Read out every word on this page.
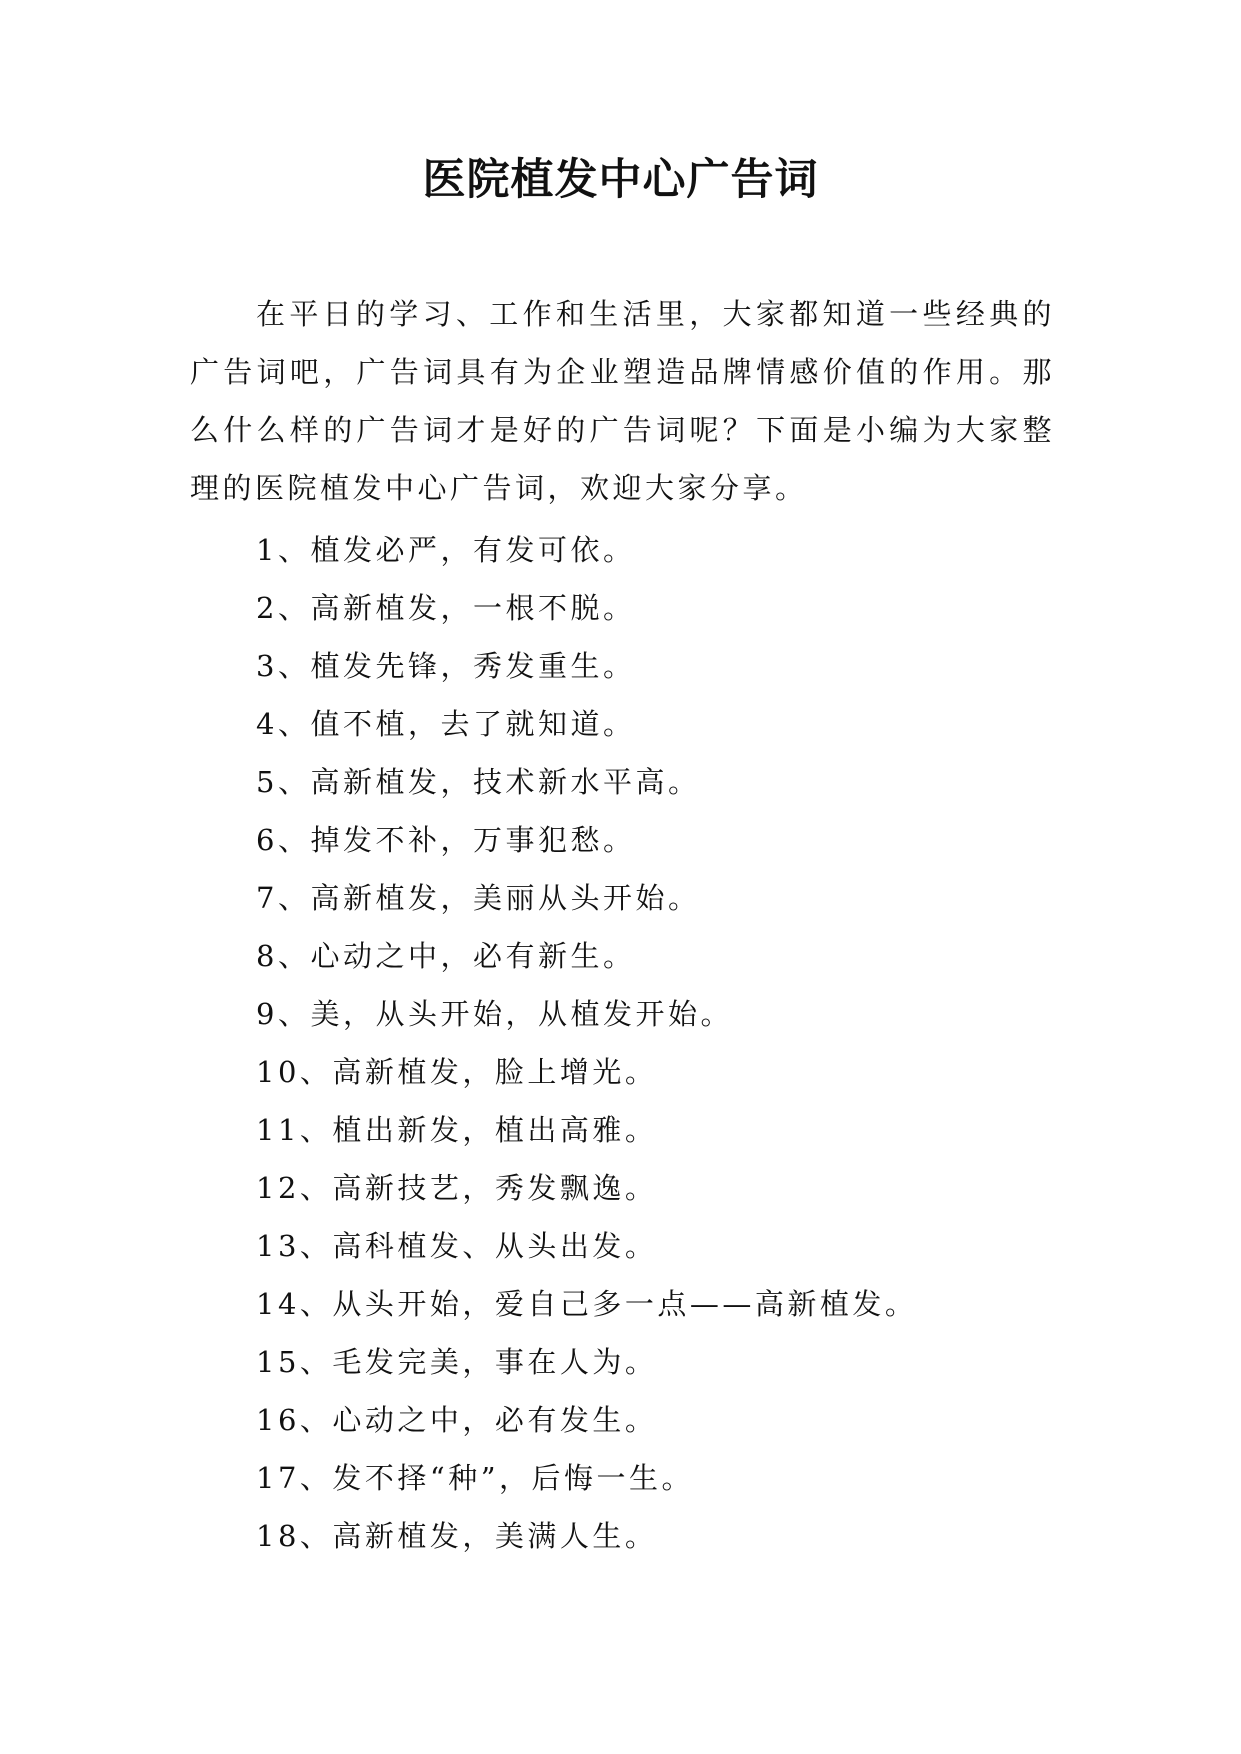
医院植发中心广告词

在平日的学习、工作和生活里，大家都知道一些经典的广告词吧，广告词具有为企业塑造品牌情感价值的作用。那么什么样的广告词才是好的广告词呢？下面是小编为大家整理的医院植发中心广告词，欢迎大家分享。

1、植发必严，有发可依。
2、高新植发，一根不脱。
3、植发先锋，秀发重生。
4、值不植，去了就知道。
5、高新植发，技术新水平高。
6、掉发不补，万事犯愁。
7、高新植发，美丽从头开始。
8、心动之中，必有新生。
9、美，从头开始，从植发开始。
10、高新植发，脸上增光。
11、植出新发，植出高雅。
12、高新技艺，秀发飘逸。
13、高科植发、从头出发。
14、从头开始，爱自己多一点——高新植发。
15、毛发完美，事在人为。
16、心动之中，必有发生。
17、发不择“种”，后悔一生。
18、高新植发，美满人生。
